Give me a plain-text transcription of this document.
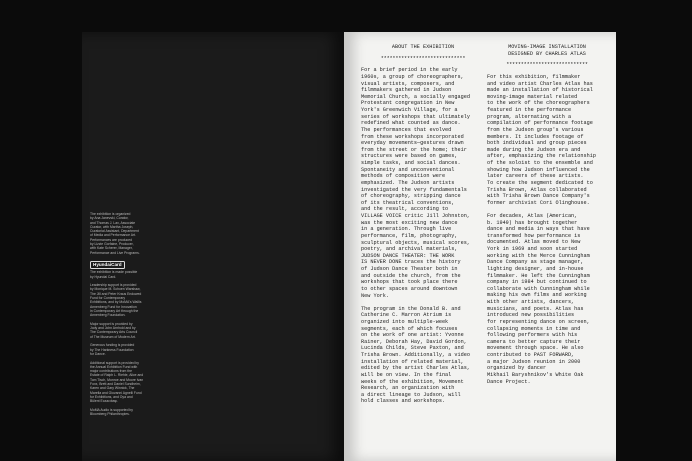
The exhibition is organized
by Ana Janevski, Curator,
and Thomas J. Lax, Associate
Curator, with Martha Joseph,
Curatorial Assistant, Department
of Media and Performance Art.
Performances are produced
by Lizzie Gorfaine, Producer,
with Kate Scherer, Manager,
Performance and Live Programs.

HyundaiCard

The exhibition is made possible
by Hyundai Card.

Leadership support is provided
by Monique M. Schoen Warshaw,
The Jill and Peter Kraus Endowed
Fund for Contemporary
Exhibitions, and by MoMA's Wallis
Annenberg Fund for Innovation
in Contemporary Art through the
Annenberg Foundation.

Major support is provided by
Jody and John Arnhold and by
The Contemporary Arts Council
of The Museum of Modern Art.

Generous funding is provided
by The Harkness Foundation
for Dance.

Additional support is provided by
the Annual Exhibition Fund with
major contributions from the
Estate of Ralph L. Riehle, Alice and
Tom Tisch, Monroe and Moore Ivan
Foxx, Brett and Daniel Sundheim,
Karen and Gary Winnick, The
Marella and Giovanni Agnelli Fund
for Exhibitions, and Oya and
Bülent Eczacıbaşı.

MoMA Audio is supported by
Bloomberg Philanthropies.

ABOUT THE EXHIBITION
*****************************
For a brief period in the early
1960s, a group of choreographers,
visual artists, composers, and
filmmakers gathered in Judson
Memorial Church, a socially engaged
Protestant congregation in New
York's Greenwich Village, for a
series of workshops that ultimately
redefined what counted as dance.
The performances that evolved
from these workshops incorporated
everyday movements—gestures drawn
from the street or the home; their
structures were based on games,
simple tasks, and social dances.
Spontaneity and unconventional
methods of composition were
emphasized. The Judson artists
investigated the very fundamentals
of choreography, stripping dance
of its theatrical conventions,
and the result, according to
VILLAGE VOICE critic Jill Johnston,
was the most exciting new dance
in a generation. Through live
performance, film, photography,
sculptural objects, musical scores,
poetry, and archival materials,
JUDSON DANCE THEATER: THE WORK
IS NEVER DONE traces the history
of Judson Dance Theater both in
and outside the church, from the
workshops that took place there
to other spaces around downtown
New York.
The program in the Donald B. and
Catherine C. Marron Atrium is
organized into multiple-week
segments, each of which focuses
on the work of one artist: Yvonne
Rainer, Deborah Hay, David Gordon,
Lucinda Childs, Steve Paxton, and
Trisha Brown. Additionally, a video
installation of related material,
edited by the artist Charles Atlas,
will be on view. In the final
weeks of the exhibition, Movement
Research, an organization with
a direct lineage to Judson, will
hold classes and workshops.
MOVING-IMAGE INSTALLATION
DESIGNED BY CHARLES ATLAS
****************************
For this exhibition, filmmaker
and video artist Charles Atlas has
made an installation of historical
moving-image material related
to the work of the choreographers
featured in the performance
program, alternating with a
compilation of performance footage
from the Judson group's various
members. It includes footage of
both individual and group pieces
made during the Judson era and
after, emphasizing the relationship
of the soloist to the ensemble and
showing how Judson influenced the
later careers of these artists.
To create the segment dedicated to
Trisha Brown, Atlas collaborated
with Trisha Brown Dance Company's
former archivist Cori Olinghouse.
For decades, Atlas (American,
b. 1949) has brought together
dance and media in ways that have
transformed how performance is
documented. Atlas moved to New
York in 1969 and soon started
working with the Merce Cunningham
Dance Company as stage manager,
lighting designer, and in-house
filmmaker. He left the Cunningham
company in 1984 but continued to
collaborate with Cunningham while
making his own films and working
with other artists, dancers,
musicians, and poets. Atlas has
introduced new possibilities
for representing dance on screen,
collapsing moments in time and
following performers with his
camera to better capture their
movement through space. He also
contributed to PAST FORWARD,
a major Judson reunion in 2000
organized by dancer
Mikhail Baryshnikov's White Oak
Dance Project.
